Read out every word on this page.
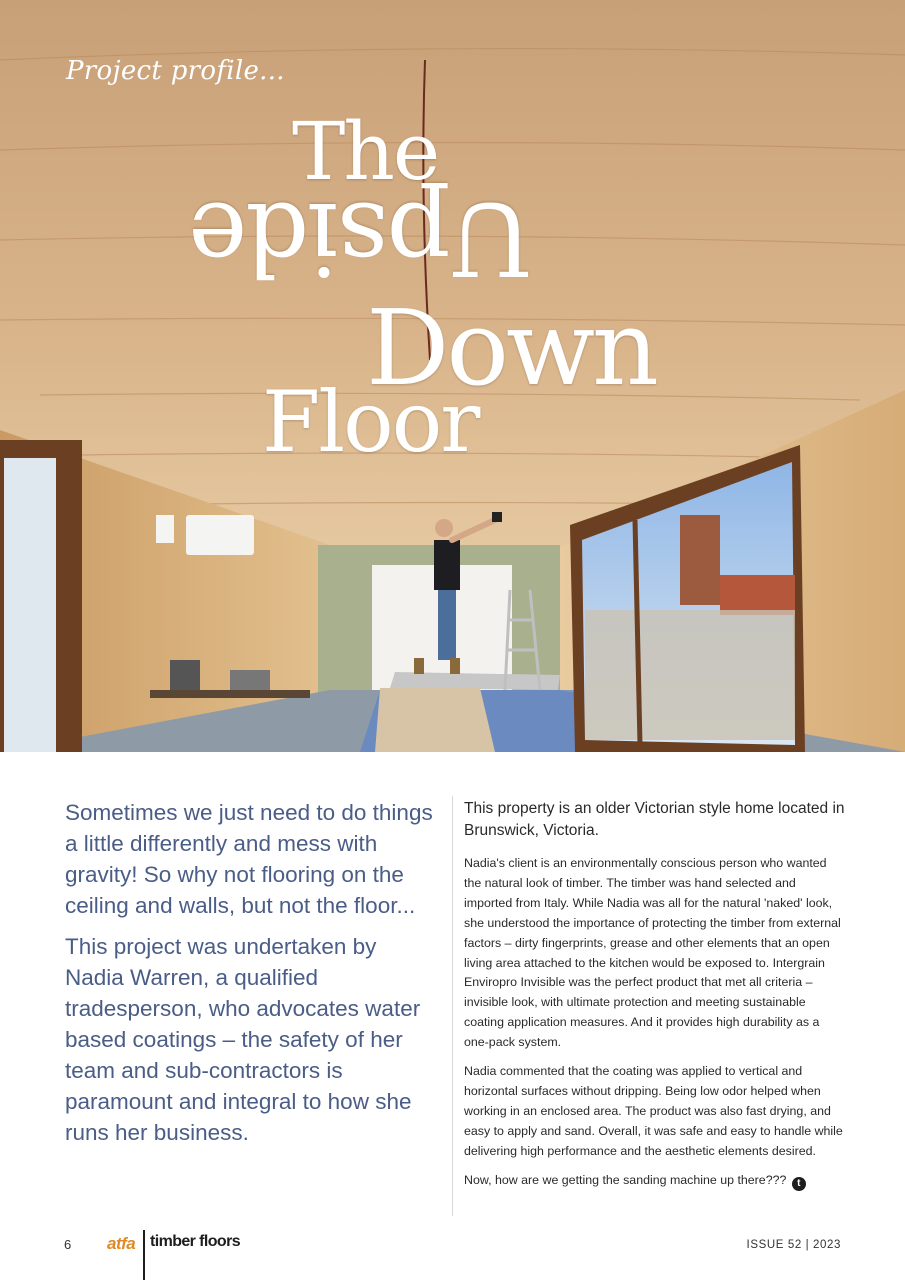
Project profile...
The
Upside
Down
Floor

Sometimes we just need to do things a little differently and mess with gravity! So why not flooring on the ceiling and walls, but not the floor...

This project was undertaken by Nadia Warren, a qualified tradesperson, who advocates water based coatings – the safety of her team and sub-contractors is paramount and integral to how she runs her business.

This property is an older Victorian style home located in Brunswick, Victoria.

Nadia's client is an environmentally conscious person who wanted the natural look of timber. The timber was hand selected and imported from Italy. While Nadia was all for the natural 'naked' look, she understood the importance of protecting the timber from external factors – dirty fingerprints, grease and other elements that an open living area attached to the kitchen would be exposed to. Intergrain Enviropro Invisible was the perfect product that met all criteria – invisible look, with ultimate protection and meeting sustainable coating application measures. And it provides high durability as a one-pack system.

Nadia commented that the coating was applied to vertical and horizontal surfaces without dripping. Being low odor helped when working in an enclosed area. The product was also fast drying, and easy to apply and sand. Overall, it was safe and easy to handle while delivering high performance and the aesthetic elements desired.

Now, how are we getting the sanding machine up there??? t

6 atfa timber floors	ISSUE 52 | 2023
